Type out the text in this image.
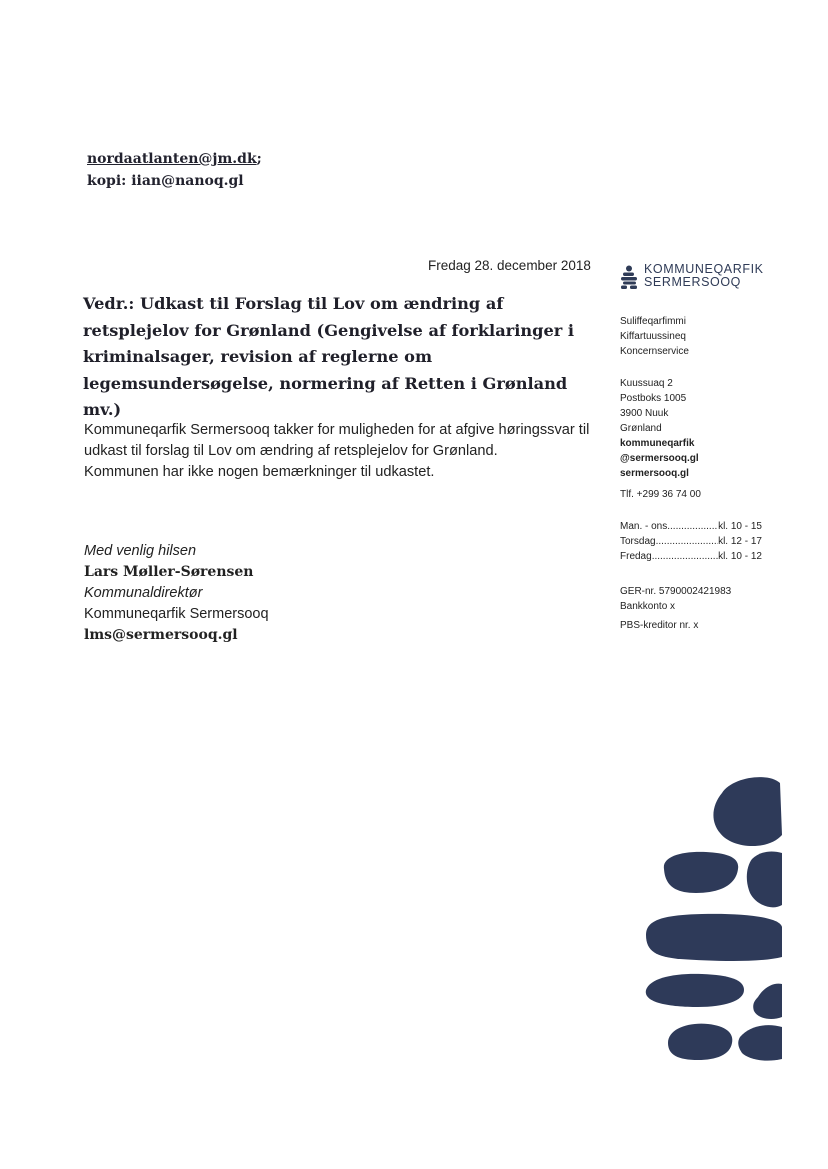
nordaatlanten@jm.dk;
kopi: iian@nanoq.gl
Fredag 28. december 2018
Vedr.: Udkast til Forslag til Lov om ændring af retsplejelov for Grønland (Gengivelse af forklaringer i kriminalsager, revision af reglerne om legemsundersøgelse, normering af Retten i Grønland mv.)

Kommuneqarfik Sermersooq takker for muligheden for at afgive høringssvar til udkast til forslag til Lov om ændring af retsplejelov for Grønland.

Kommunen har ikke nogen bemærkninger til udkastet.

Med venlig hilsen
Lars Møller-Sørensen
Kommunaldirektør
Kommuneqarfik Sermersooq
lms@sermersooq.gl
KOMMUNEQARFIK
SERMERSOOQ
Suliffeqarfimmi
Kiffartuussineq
Koncernservice
Kuussuaq 2
Postboks 1005
3900 Nuuk
Grønland
kommuneqarfik
@sermersooq.gl
sermersooq.gl
Tlf. +299 36 74 00
Man. - ons. .....	kl. 10 - 15
Torsdag .....	kl. 12 - 17
Fredag .....	kl. 10 - 12
GER-nr. 5790002421983
Bankkonto x
PBS-kreditor nr. x
